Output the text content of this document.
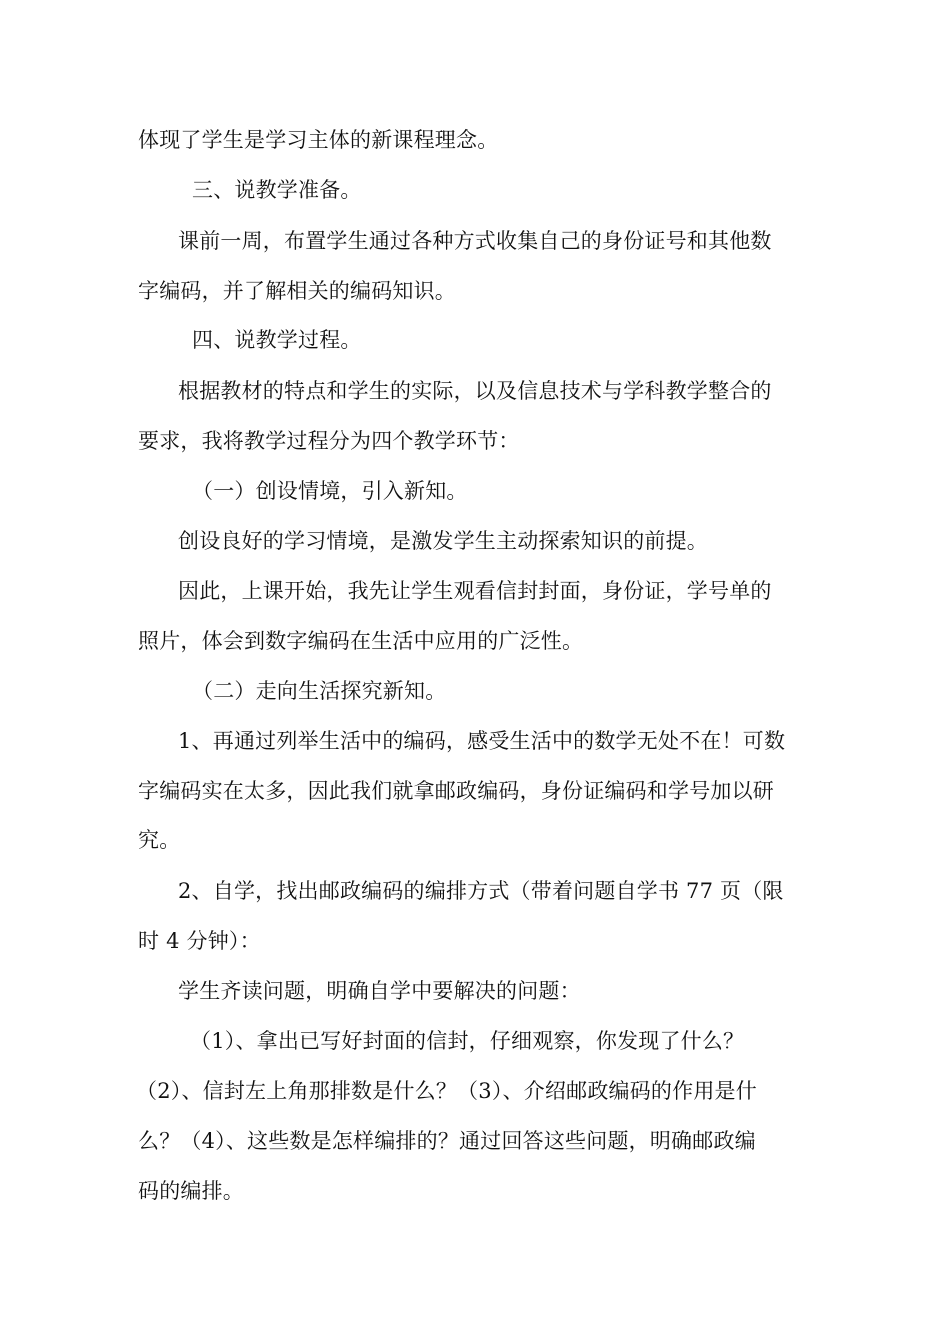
体现了学生是学习主体的新课程理念。
三、说教学准备。
课前一周，布置学生通过各种方式收集自己的身份证号和其他数
字编码，并了解相关的编码知识。
四、说教学过程。
根据教材的特点和学生的实际，以及信息技术与学科教学整合的
要求，我将教学过程分为四个教学环节：
（一）创设情境，引入新知。
创设良好的学习情境，是激发学生主动探索知识的前提。
因此，上课开始，我先让学生观看信封封面，身份证，学号单的
照片，体会到数字编码在生活中应用的广泛性。
（二）走向生活探究新知。
1、再通过列举生活中的编码，感受生活中的数学无处不在！可数
字编码实在太多，因此我们就拿邮政编码，身份证编码和学号加以研
究。
2、自学，找出邮政编码的编排方式（带着问题自学书 77 页（限
时 4 分钟）：
学生齐读问题，明确自学中要解决的问题：
（1）、拿出已写好封面的信封，仔细观察，你发现了什么？
（2）、信封左上角那排数是什么？（3）、介绍邮政编码的作用是什
么？（4）、这些数是怎样编排的？通过回答这些问题，明确邮政编
码的编排。
